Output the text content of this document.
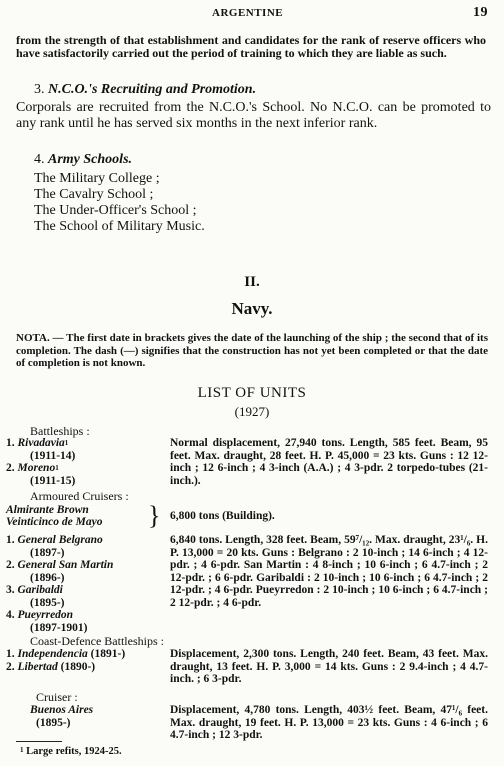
ARGENTINE	19
from the strength of that establishment and candidates for the rank of reserve officers who have satisfactorily carried out the period of training to which they are liable as such.
3. N.C.O.'s Recruiting and Promotion.
Corporals are recruited from the N.C.O.'s School. No N.C.O. can be promoted to any rank until he has served six months in the next inferior rank.
4. Army Schools.
The Military College ;
The Cavalry School ;
The Under-Officer's School ;
The School of Military Music.
II.
Navy.
NOTA. — The first date in brackets gives the date of the launching of the ship ; the second that of its completion. The dash (—) signifies that the construction has not yet been completed or that the date of completion is not known.
LIST OF UNITS
(1927)
Battleships :
1. Rivadavia$^1$
(1911-14)
2. Moreno$^1$
(1911-15)
Normal displacement, 27,940 tons. Length, 585 feet. Beam, 95 feet. Max. draught, 28 feet. H. P. 45,000 = 23 kts. Guns : 12 12-inch ; 12 6-inch ; 4 3-inch (A.A.) ; 4 3-pdr. 2 torpedo-tubes (21-inch.).
Armoured Cruisers :
Almirante Brown
Veinticinco de Mayo } 6,800 tons (Building).
1. General Belgrano
(1897-)
2. General San Martin
(1896-)
3. Garibaldi
(1895-)
4. Pueyrredon
(1897-1901)
6,840 tons. Length, 328 feet. Beam, 59⁷/₁₂. Max. draught, 23¹/₆. H. P. 13,000 = 20 kts. Guns : Belgrano : 2 10-inch ; 14 6-inch ; 4 12-pdr. ; 4 6-pdr. San Martin : 4 8-inch ; 10 6-inch ; 6 4.7-inch ; 2 12-pdr. ; 6 6-pdr. Garibaldi : 2 10-inch ; 10 6-inch ; 6 4.7-inch ; 2 12-pdr. ; 4 6-pdr. Pueyrredon : 2 10-inch ; 10 6-inch ; 6 4.7-inch ; 2 12-pdr. ; 4 6-pdr.
Coast-Defence Battleships :
1. Independencia (1891-)
2. Libertad (1890-)
Displacement, 2,300 tons. Length, 240 feet. Beam, 43 feet. Max. draught, 13 feet. H. P. 3,000 = 14 kts. Guns : 2 9.4-inch ; 4 4.7-inch. ; 6 3-pdr.
Cruiser :
Buenos Aires
(1895-)
Displacement, 4,780 tons. Length, 403½ feet. Beam, 47¹/₆ feet. Max. draught, 19 feet. H. P. 13,000 = 23 kts. Guns : 4 6-inch ; 6 4.7-inch ; 12 3-pdr.
$^1$ Large refits, 1924-25.
